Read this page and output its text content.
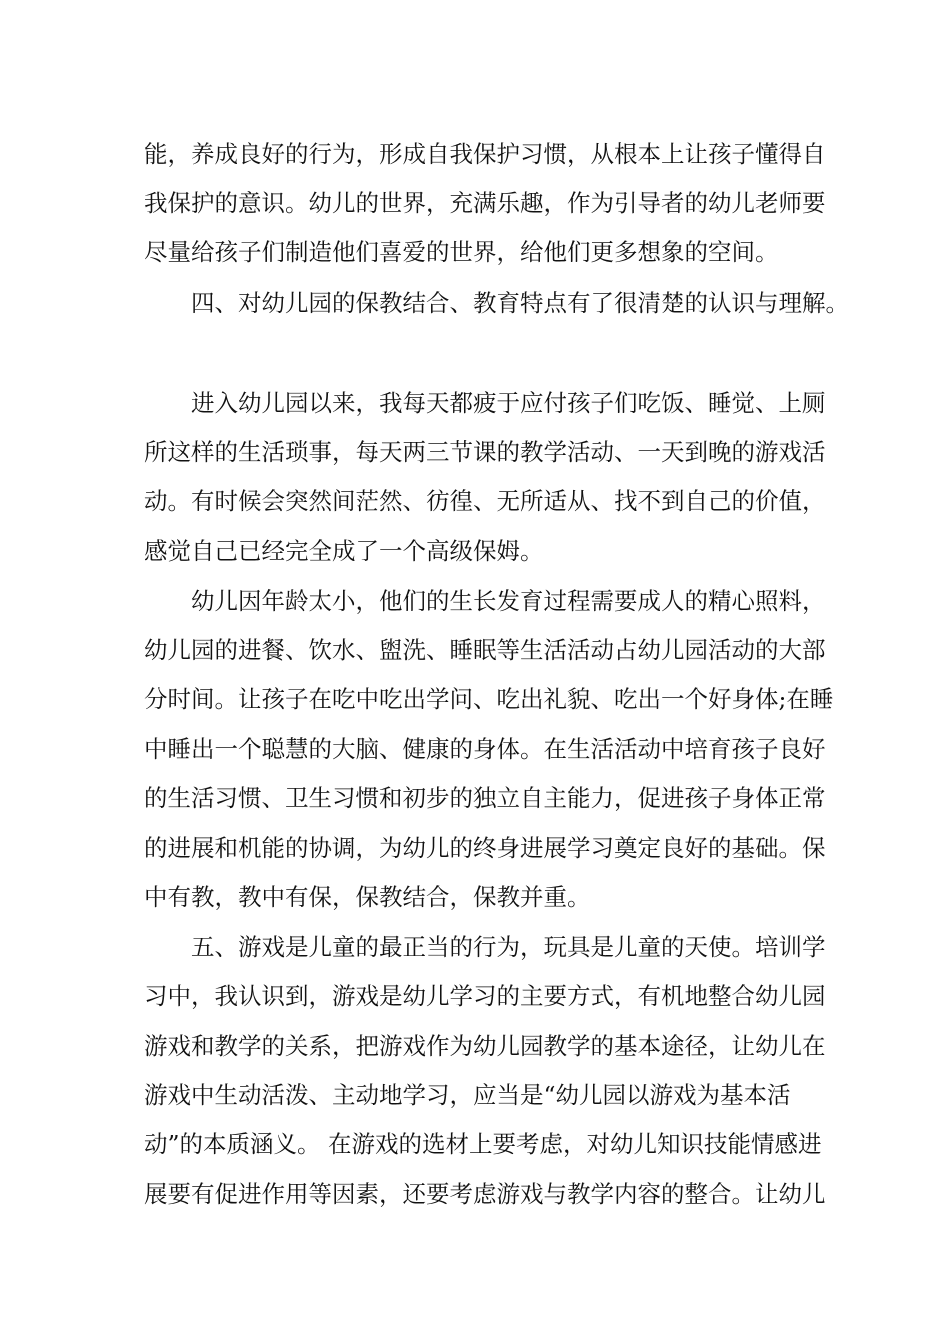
能，养成良好的行为，形成自我保护习惯，从根本上让孩子懂得自
我保护的意识。幼儿的世界，充满乐趣，作为引导者的幼儿老师要
尽量给孩子们制造他们喜爱的世界，给他们更多想象的空间。
四、对幼儿园的保教结合、教育特点有了很清楚的认识与理解。
进入幼儿园以来，我每天都疲于应付孩子们吃饭、睡觉、上厕
所这样的生活琐事，每天两三节课的教学活动、一天到晚的游戏活
动。有时候会突然间茫然、彷徨、无所适从、找不到自己的价值，
感觉自己已经完全成了一个高级保姆。
幼儿因年龄太小，他们的生长发育过程需要成人的精心照料，
幼儿园的进餐、饮水、盥洗、睡眠等生活活动占幼儿园活动的大部
分时间。让孩子在吃中吃出学问、吃出礼貌、吃出一个好身体;在睡
中睡出一个聪慧的大脑、健康的身体。在生活活动中培育孩子良好
的生活习惯、卫生习惯和初步的独立自主能力，促进孩子身体正常
的进展和机能的协调，为幼儿的终身进展学习奠定良好的基础。保
中有教，教中有保，保教结合，保教并重。
五、游戏是儿童的最正当的行为，玩具是儿童的天使。培训学
习中，我认识到，游戏是幼儿学习的主要方式，有机地整合幼儿园
游戏和教学的关系，把游戏作为幼儿园教学的基本途径，让幼儿在
游戏中生动活泼、主动地学习，应当是“幼儿园以游戏为基本活
动”的本质涵义。 在游戏的选材上要考虑，对幼儿知识技能情感进
展要有促进作用等因素，还要考虑游戏与教学内容的整合。让幼儿
